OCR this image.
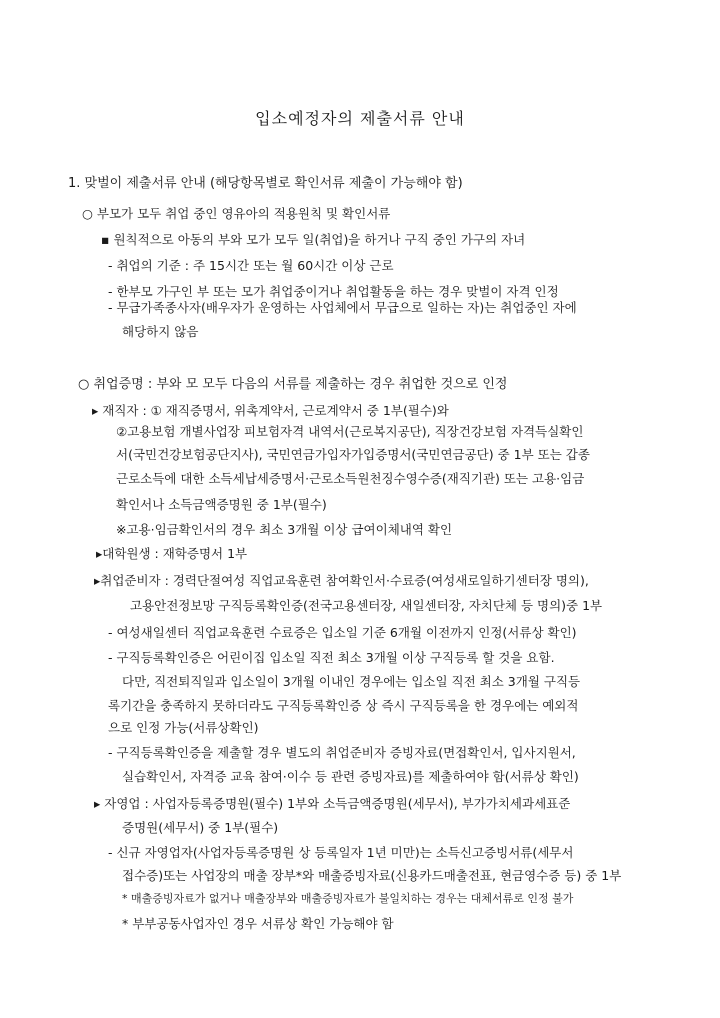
입소예정자의 제출서류 안내
1. 맞벌이 제출서류 안내 (해당항목별로 확인서류 제출이 가능해야 함)
○ 부모가 모두 취업 중인 영유아의 적용원칙 및 확인서류
▪ 원칙적으로 아동의 부와 모가 모두 일(취업)을 하거나 구직 중인 가구의 자녀
- 취업의 기준 : 주 15시간 또는 월 60시간 이상 근로
- 한부모 가구인 부 또는 모가 취업중이거나 취업활동을 하는 경우 맞벌이 자격 인정
- 무급가족종사자(배우자가 운영하는 사업체에서 무급으로 일하는 자)는 취업중인 자에
해당하지 않음
○ 취업증명 : 부와 모 모두 다음의 서류를 제출하는 경우 취업한 것으로 인정
▸ 재직자 : ① 재직증명서, 위촉계약서, 근로계약서 중 1부(필수)와
②고용보험 개별사업장 피보험자격 내역서(근로복지공단), 직장건강보험 자격득실확인
서(국민건강보험공단지사), 국민연금가입자가입증명서(국민연금공단) 중 1부 또는 갑종
근로소득에 대한 소득세납세증명서·근로소득원천징수영수증(재직기관) 또는 고용·임금
확인서나 소득금액증명원 중 1부(필수)
※고용·임금확인서의 경우 최소 3개월 이상 급여이체내역 확인
▸대학원생 : 재학증명서 1부
▸취업준비자 : 경력단절여성 직업교육훈련 참여확인서·수료증(여성새로일하기센터장 명의),
고용안전정보망 구직등록확인증(전국고용센터장, 새일센터장, 자치단체 등 명의)중 1부
- 여성새일센터 직업교육훈련 수료증은 입소일 기준 6개월 이전까지 인정(서류상 확인)
- 구직등록확인증은 어린이집 입소일 직전 최소 3개월 이상 구직등록 할 것을 요함.
다만, 직전퇴직일과 입소일이 3개월 이내인 경우에는 입소일 직전 최소 3개월 구직등
록기간을 충족하지 못하더라도 구직등록확인증 상 즉시 구직등록을 한 경우에는 예외적
으로 인정 가능(서류상확인)
- 구직등록확인증을 제출할 경우 별도의 취업준비자 증빙자료(면접확인서, 입사지원서,
실습확인서, 자격증 교육 참여·이수 등 관련 증빙자료)를 제출하여야 함(서류상 확인)
▸ 자영업 : 사업자등록증명원(필수) 1부와 소득금액증명원(세무서), 부가가치세과세표준
증명원(세무서) 중 1부(필수)
- 신규 자영업자(사업자등록증명원 상 등록일자 1년 미만)는 소득신고증빙서류(세무서
접수증)또는 사업장의 매출 장부*와 매출증빙자료(신용카드매출전표, 현금영수증 등) 중 1부
* 매출증빙자료가 없거나 매출장부와 매출증빙자료가 불일치하는 경우는 대체서류로 인정 불가
* 부부공동사업자인 경우 서류상 확인 가능해야 함
